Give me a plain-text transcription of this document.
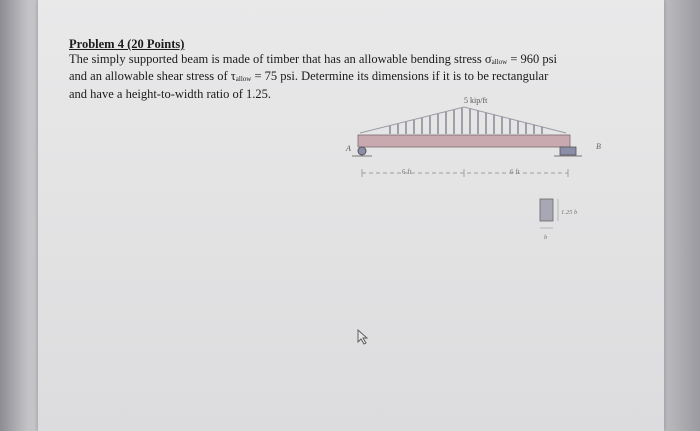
Problem 4 (20 Points)
The simply supported beam is made of timber that has an allowable bending stress σallow = 960 psi
and an allowable shear stress of τallow = 75 psi. Determine its dimensions if it is to be rectangular
and have a height-to-width ratio of 1.25.	5 kip/ft
A	B
6 ft	6 ft
1.25 b
b
